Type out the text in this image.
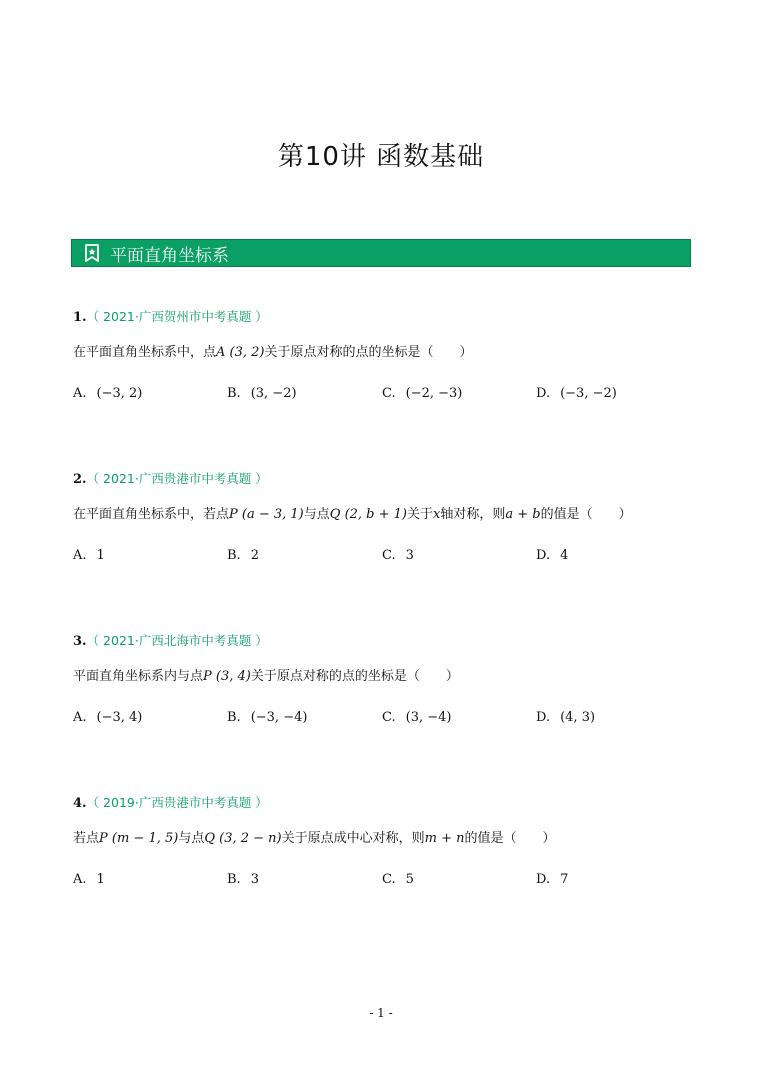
第10讲 函数基础
平面直角坐标系
1.（ 2021·广西贺州市中考真题 ）
在平面直角坐标系中，点A (3, 2)关于原点对称的点的坐标是（　　）
A. (−3, 2)	B. (3, −2)	C. (−2, −3)	D. (−3, −2)
2.（ 2021·广西贵港市中考真题 ）
在平面直角坐标系中，若点P (a − 3, 1)与点Q (2, b + 1)关于x轴对称，则a + b的值是（　　）
A. 1	B. 2	C. 3	D. 4
3.（ 2021·广西北海市中考真题 ）
平面直角坐标系内与点P (3, 4)关于原点对称的点的坐标是（　　）
A. (−3, 4)	B. (−3, −4)	C. (3, −4)	D. (4, 3)
4.（ 2019·广西贵港市中考真题 ）
若点P (m − 1, 5)与点Q (3, 2 − n)关于原点成中心对称，则m + n的值是（　　）
A. 1	B. 3	C. 5	D. 7
- 1 -
